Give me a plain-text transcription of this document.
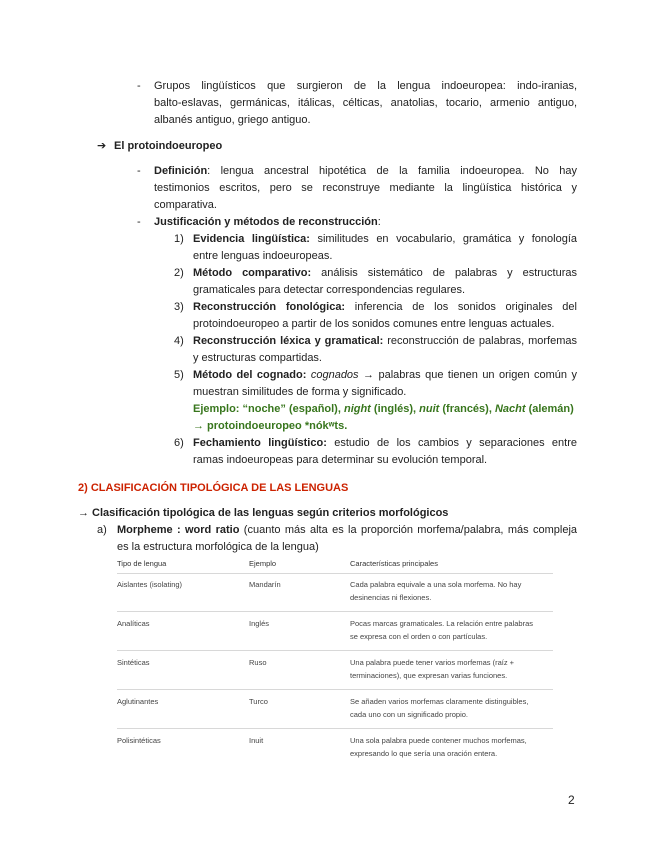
- Grupos lingüísticos que surgieron de la lengua indoeuropea: indo-iranias,
balto-eslavas, germánicas, itálicas, célticas, anatolias, tocario, armenio antiguo,
albanés antiguo, griego antiguo.
➔ El protoindoeuropeo
- Definición: lengua ancestral hipotética de la familia indoeuropea. No hay
testimonios escritos, pero se reconstruye mediante la lingüística histórica y
comparativa.
- Justificación y métodos de reconstrucción:
1) Evidencia lingüística: similitudes en vocabulario, gramática y fonología
entre lenguas indoeuropeas.
2) Método comparativo: análisis sistemático de palabras y estructuras
gramaticales para detectar correspondencias regulares.
3) Reconstrucción fonológica: inferencia de los sonidos originales del
protoindoeuropeo a partir de los sonidos comunes entre lenguas actuales.
4) Reconstrucción léxica y gramatical: reconstrucción de palabras, morfemas
y estructuras compartidas.
5) Método del cognado: cognados → palabras que tienen un origen común y
muestran similitudes de forma y significado.
Ejemplo: “noche” (español), night (inglés), nuit (francés), Nacht (alemán)
→ protoindoeuropeo *nókʷts.
6) Fechamiento lingüístico: estudio de los cambios y separaciones entre
ramas indoeuropeas para determinar su evolución temporal.
2) CLASIFICACIÓN TIPOLÓGICA DE LAS LENGUAS
→ Clasificación tipológica de las lenguas según criterios morfológicos
a) Morpheme : word ratio (cuanto más alta es la proporción morfema/palabra, más compleja
es la estructura morfológica de la lengua)
Tipo de lengua	Ejemplo	Características principales
Aislantes (isolating)	Mandarín	Cada palabra equivale a una sola morfema. No hay
desinencias ni flexiones.
Analíticas	Inglés	Pocas marcas gramaticales. La relación entre palabras
se expresa con el orden o con partículas.
Sintéticas	Ruso	Una palabra puede tener varios morfemas (raíz +
terminaciones), que expresan varias funciones.
Aglutinantes	Turco	Se añaden varios morfemas claramente distinguibles,
cada uno con un significado propio.
Polisintéticas	Inuit	Una sola palabra puede contener muchos morfemas,
expresando lo que sería una oración entera.
2
